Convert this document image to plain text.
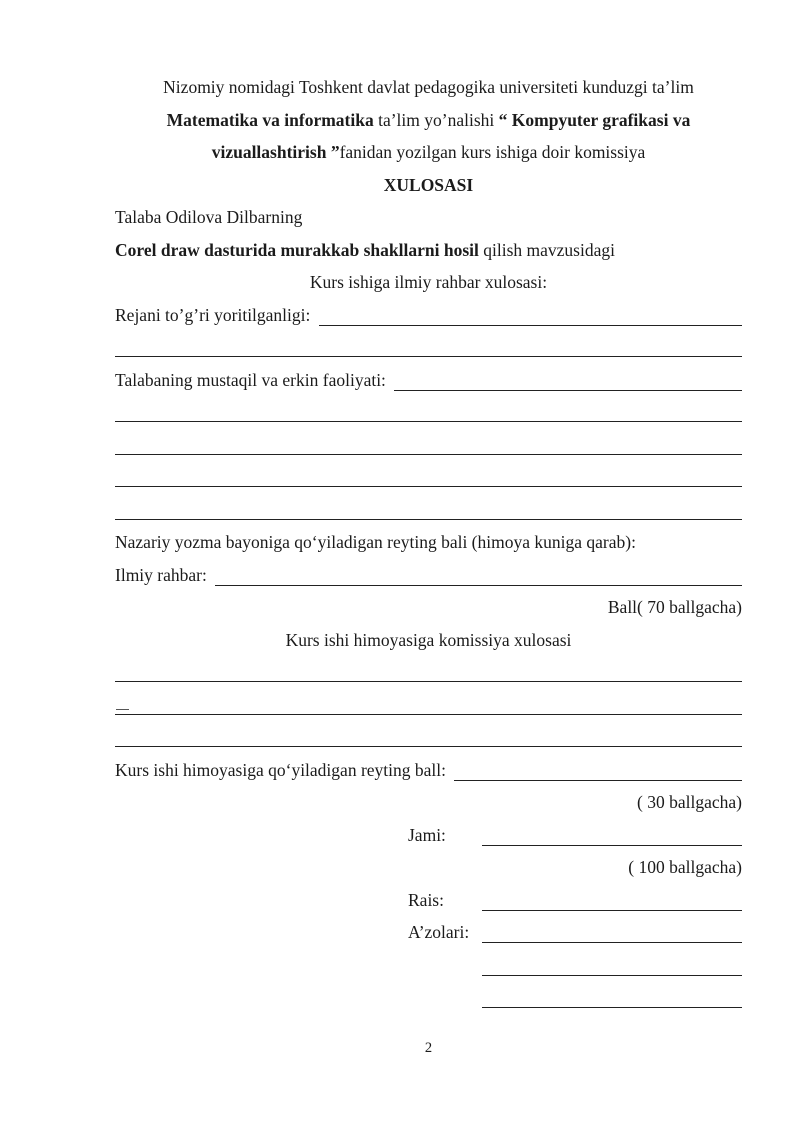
Nizomiy nomidagi Toshkent davlat pedagogika universiteti kunduzgi ta’lim
Matematika va informatika ta’lim yo’nalishi “ Kompyuter grafikasi va
vizuallashtirish ”fanidan yozilgan kurs ishiga doir komissiya
XULOSASI
Talaba Odilova Dilbarning
Corel draw dasturida murakkab shakllarni hosil qilish mavzusidagi
Kurs ishiga ilmiy rahbar xulosasi:
Rejani to’g’ri yoritilganligi:
Talabaning mustaqil va erkin faoliyati:
Nazariy yozma bayoniga qoʻyiladigan reyting bali (himoya kuniga qarab):
Ilmiy rahbar:
Ball( 70 ballgacha)
Kurs ishi himoyasiga komissiya xulosasi
Kurs ishi himoyasiga qoʻyiladigan reyting ball:
( 30 ballgacha)
Jami:
( 100 ballgacha)
Rais:
A’zolari:
2
